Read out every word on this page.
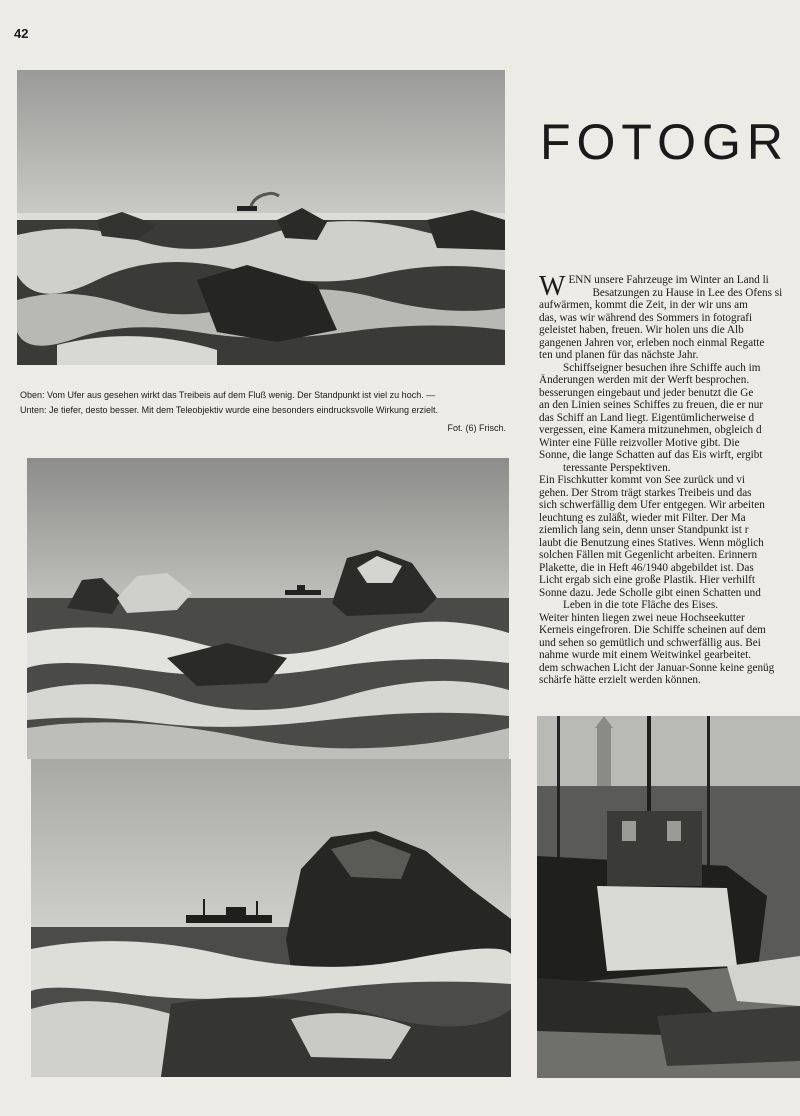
42
Oben: Vom Ufer aus gesehen wirkt das Treibeis auf dem Fluß wenig. Der Standpunkt ist viel zu hoch. —
Unten: Je tiefer, desto besser. Mit dem Teleobjektiv wurde eine besonders eindrucksvolle Wirkung erzielt.
Fot. (6) Frisch.
FOTOGR
W ENN unsere Fahrzeuge im Winter an Land li
Besatzungen zu Hause in Lee des Ofens si
aufwärmen, kommt die Zeit, in der wir uns am
das, was wir während des Sommers in fotografi
geleistet haben, freuen. Wir holen uns die Alb
gangenen Jahren vor, erleben noch einmal Regatte
ten und planen für das nächste Jahr.
Schiffseigner besuchen ihre Schiffe auch im
Änderungen werden mit der Werft besprochen.
besserungen eingebaut und jeder benutzt die Ge
an den Linien seines Schiffes zu freuen, die er nur
das Schiff an Land liegt. Eigentümlicherweise d
vergessen, eine Kamera mitzunehmen, obgleich d
Winter eine Fülle reizvoller Motive gibt. Die
Sonne, die lange Schatten auf das Eis wirft, ergibt
teressante Perspektiven.
Ein Fischkutter kommt von See zurück und vi
gehen. Der Strom trägt starkes Treibeis und das
sich schwerfällig dem Ufer entgegen. Wir arbeiten
leuchtung es zuläßt, wieder mit Filter. Der Ma
ziemlich lang sein, denn unser Standpunkt ist r
laubt die Benutzung eines Statives. Wenn möglich
solchen Fällen mit Gegenlicht arbeiten. Erinnern
Plakette, die in Heft 46/1940 abgebildet ist. Das
Licht ergab sich eine große Plastik. Hier verhilft
Sonne dazu. Jede Scholle gibt einen Schatten und
Leben in die tote Fläche des Eises.
Weiter hinten liegen zwei neue Hochseekutter
Kerneis eingefroren. Die Schiffe scheinen auf dem
und sehen so gemütlich und schwerfällig aus. Bei
nahme wurde mit einem Weitwinkel gearbeitet.
dem schwachen Licht der Januar-Sonne keine genüg
schärfe hätte erzielt werden können.
